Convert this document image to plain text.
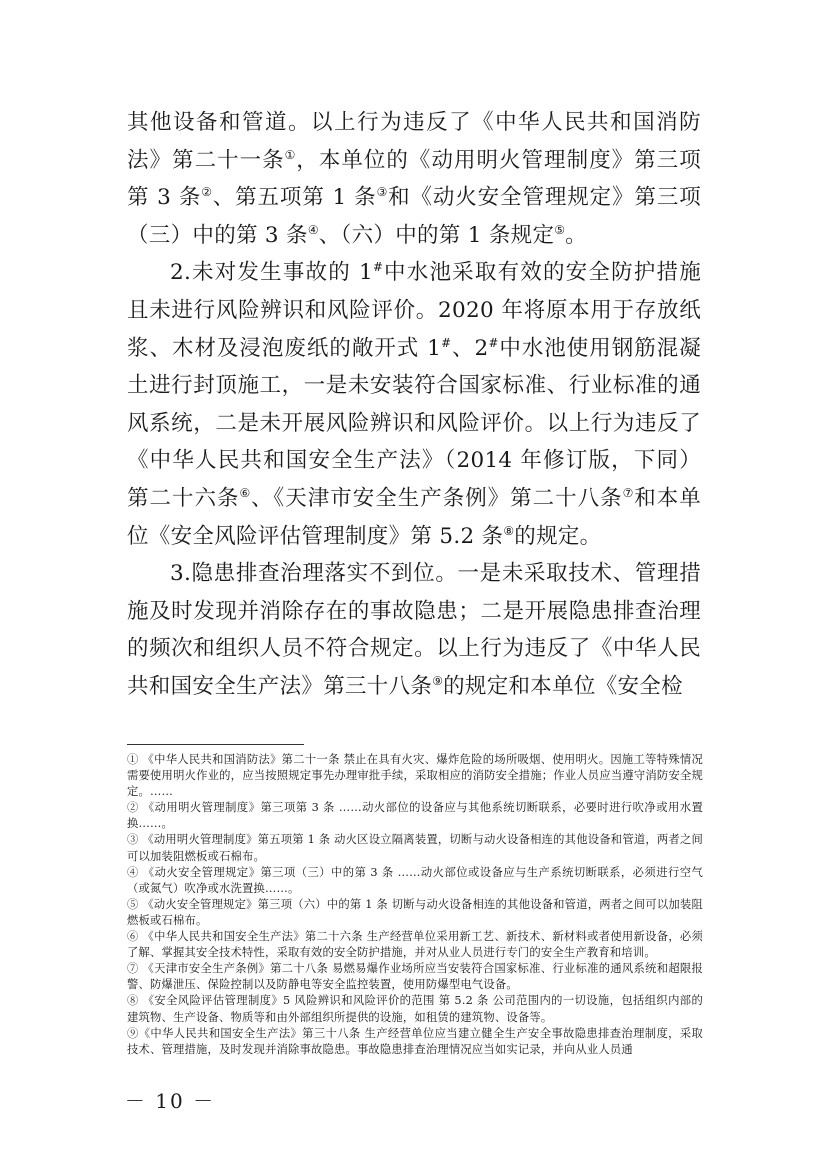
其他设备和管道。以上行为违反了《中华人民共和国消防法》第二十一条①，本单位的《动用明火管理制度》第三项第 3 条②、第五项第 1 条③和《动火安全管理规定》第三项（三）中的第 3 条④、（六）中的第 1 条规定⑤。

2.未对发生事故的 1#中水池采取有效的安全防护措施且未进行风险辨识和风险评价。2020 年将原本用于存放纸浆、木材及浸泡废纸的敞开式 1#、2#中水池使用钢筋混凝土进行封顶施工，一是未安装符合国家标准、行业标准的通风系统，二是未开展风险辨识和风险评价。以上行为违反了《中华人民共和国安全生产法》（2014 年修订版，下同）第二十六条⑥、《天津市安全生产条例》第二十八条⑦和本单位《安全风险评估管理制度》第 5.2 条⑧的规定。

3.隐患排查治理落实不到位。一是未采取技术、管理措施及时发现并消除存在的事故隐患；二是开展隐患排查治理的频次和组织人员不符合规定。以上行为违反了《中华人民共和国安全生产法》第三十八条⑨的规定和本单位《安全检

① 《中华人民共和国消防法》第二十一条 禁止在具有火灾、爆炸危险的场所吸烟、使用明火。因施工等特殊情况需要使用明火作业的，应当按照规定事先办理审批手续，采取相应的消防安全措施；作业人员应当遵守消防安全规定。……

② 《动用明火管理制度》第三项第 3 条 ……动火部位的设备应与其他系统切断联系，必要时进行吹净或用水置换……。

③ 《动用明火管理制度》第五项第 1 条 动火区设立隔离装置，切断与动火设备相连的其他设备和管道，两者之间可以加装阻燃板或石棉布。

④ 《动火安全管理规定》第三项（三）中的第 3 条 ……动火部位或设备应与生产系统切断联系，必须进行空气（或氮气）吹净或水洗置换……。

⑤ 《动火安全管理规定》第三项（六）中的第 1 条 切断与动火设备相连的其他设备和管道，两者之间可以加装阻燃板或石棉布。

⑥ 《中华人民共和国安全生产法》第二十六条 生产经营单位采用新工艺、新技术、新材料或者使用新设备，必须了解、掌握其安全技术特性，采取有效的安全防护措施，并对从业人员进行专门的安全生产教育和培训。

⑦ 《天津市安全生产条例》第二十八条 易燃易爆作业场所应当安装符合国家标准、行业标准的通风系统和超限报警、防爆泄压、保险控制以及防静电等安全监控装置，使用防爆型电气设备。

⑧ 《安全风险评估管理制度》5 风险辨识和风险评价的范围 第 5.2 条 公司范围内的一切设施，包括组织内部的建筑物、生产设备、物质等和由外部组织所提供的设施，如租赁的建筑物、设备等。

⑨《中华人民共和国安全生产法》第三十八条 生产经营单位应当建立健全生产安全事故隐患排查治理制度，采取技术、管理措施，及时发现并消除事故隐患。事故隐患排查治理情况应当如实记录，并向从业人员通

－ 10 －
